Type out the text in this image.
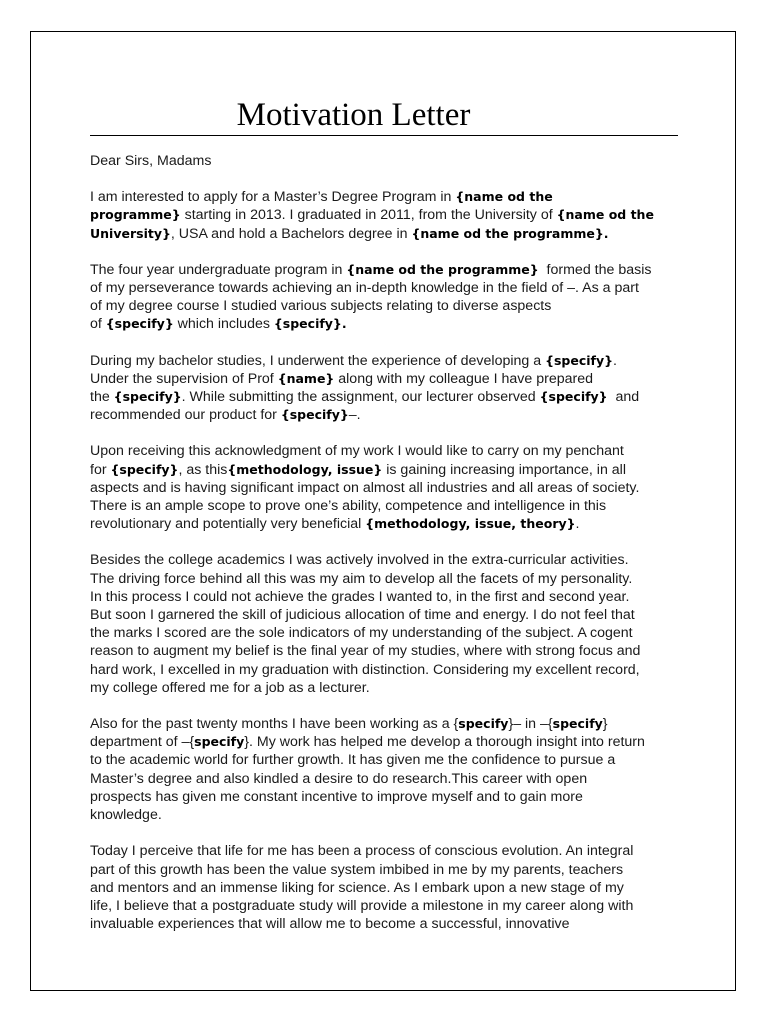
Motivation Letter

Dear Sirs, Madams

I am interested to apply for a Master’s Degree Program in {name od the
programme} starting in 2013. I graduated in 2011, from the University of {name od the
University}, USA and hold a Bachelors degree in {name od the programme}.

The four year undergraduate program in {name od the programme}  formed the basis
of my perseverance towards achieving an in-depth knowledge in the field of –. As a part
of my degree course I studied various subjects relating to diverse aspects
of {specify} which includes {specify}.

During my bachelor studies, I underwent the experience of developing a {specify}.
Under the supervision of Prof {name} along with my colleague I have prepared
the {specify}. While submitting the assignment, our lecturer observed {specify}  and
recommended our product for {specify}–.

Upon receiving this acknowledgment of my work I would like to carry on my penchant
for {specify}, as this{methodology, issue} is gaining increasing importance, in all
aspects and is having significant impact on almost all industries and all areas of society.
There is an ample scope to prove one’s ability, competence and intelligence in this
revolutionary and potentially very beneficial {methodology, issue, theory}.

Besides the college academics I was actively involved in the extra-curricular activities.
The driving force behind all this was my aim to develop all the facets of my personality.
In this process I could not achieve the grades I wanted to, in the first and second year.
But soon I garnered the skill of judicious allocation of time and energy. I do not feel that
the marks I scored are the sole indicators of my understanding of the subject. A cogent
reason to augment my belief is the final year of my studies, where with strong focus and
hard work, I excelled in my graduation with distinction. Considering my excellent record,
my college offered me for a job as a lecturer.

Also for the past twenty months I have been working as a {specify}– in –{specify}
department of –{specify}. My work has helped me develop a thorough insight into return
to the academic world for further growth. It has given me the confidence to pursue a
Master’s degree and also kindled a desire to do research.This career with open
prospects has given me constant incentive to improve myself and to gain more
knowledge.

Today I perceive that life for me has been a process of conscious evolution. An integral
part of this growth has been the value system imbibed in me by my parents, teachers
and mentors and an immense liking for science. As I embark upon a new stage of my
life, I believe that a postgraduate study will provide a milestone in my career along with
invaluable experiences that will allow me to become a successful, innovative
